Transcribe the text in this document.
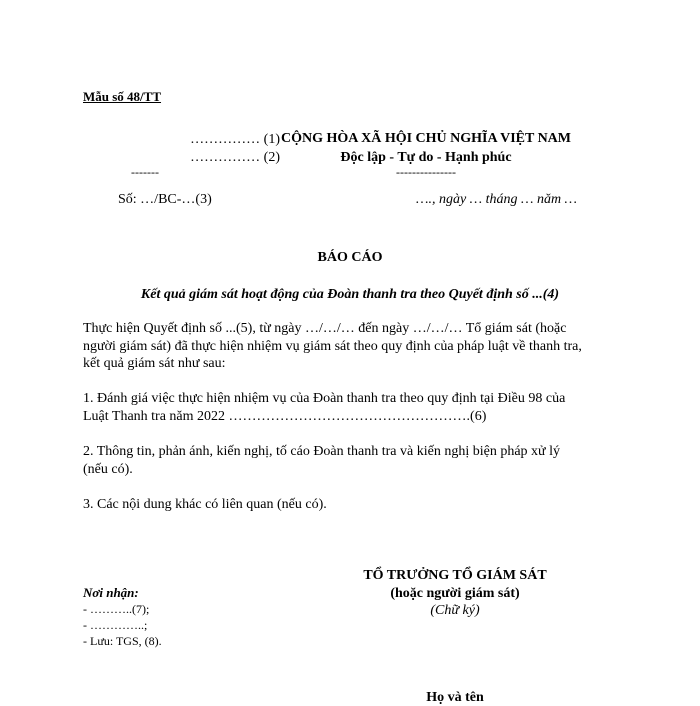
Mẫu số 48/TT
…………… (1)
…………… (2)
-------
Số: …/BC-…(3)
CỘNG HÒA XÃ HỘI CHỦ NGHĨA VIỆT NAM
Độc lập - Tự do - Hạnh phúc
---------------
…., ngày … tháng … năm …
BÁO CÁO
Kết quả giám sát hoạt động của Đoàn thanh tra theo Quyết định số ...(4)
Thực hiện Quyết định số ...(5), từ ngày …/…/… đến ngày …/…/… Tổ giám sát (hoặc
người giám sát) đã thực hiện nhiệm vụ giám sát theo quy định của pháp luật về thanh tra,
kết quả giám sát như sau:
1. Đánh giá việc thực hiện nhiệm vụ của Đoàn thanh tra theo quy định tại Điều 98 của
Luật Thanh tra năm 2022 …………………………………………….(6)
2. Thông tin, phản ánh, kiến nghị, tố cáo Đoàn thanh tra và kiến nghị biện pháp xử lý
(nếu có).
3. Các nội dung khác có liên quan (nếu có).
Nơi nhận:
- ………..(7);
- …………..;
- Lưu: TGS, (8).
TỔ TRƯỞNG TỔ GIÁM SÁT
(hoặc người giám sát)
(Chữ ký)
Họ và tên
